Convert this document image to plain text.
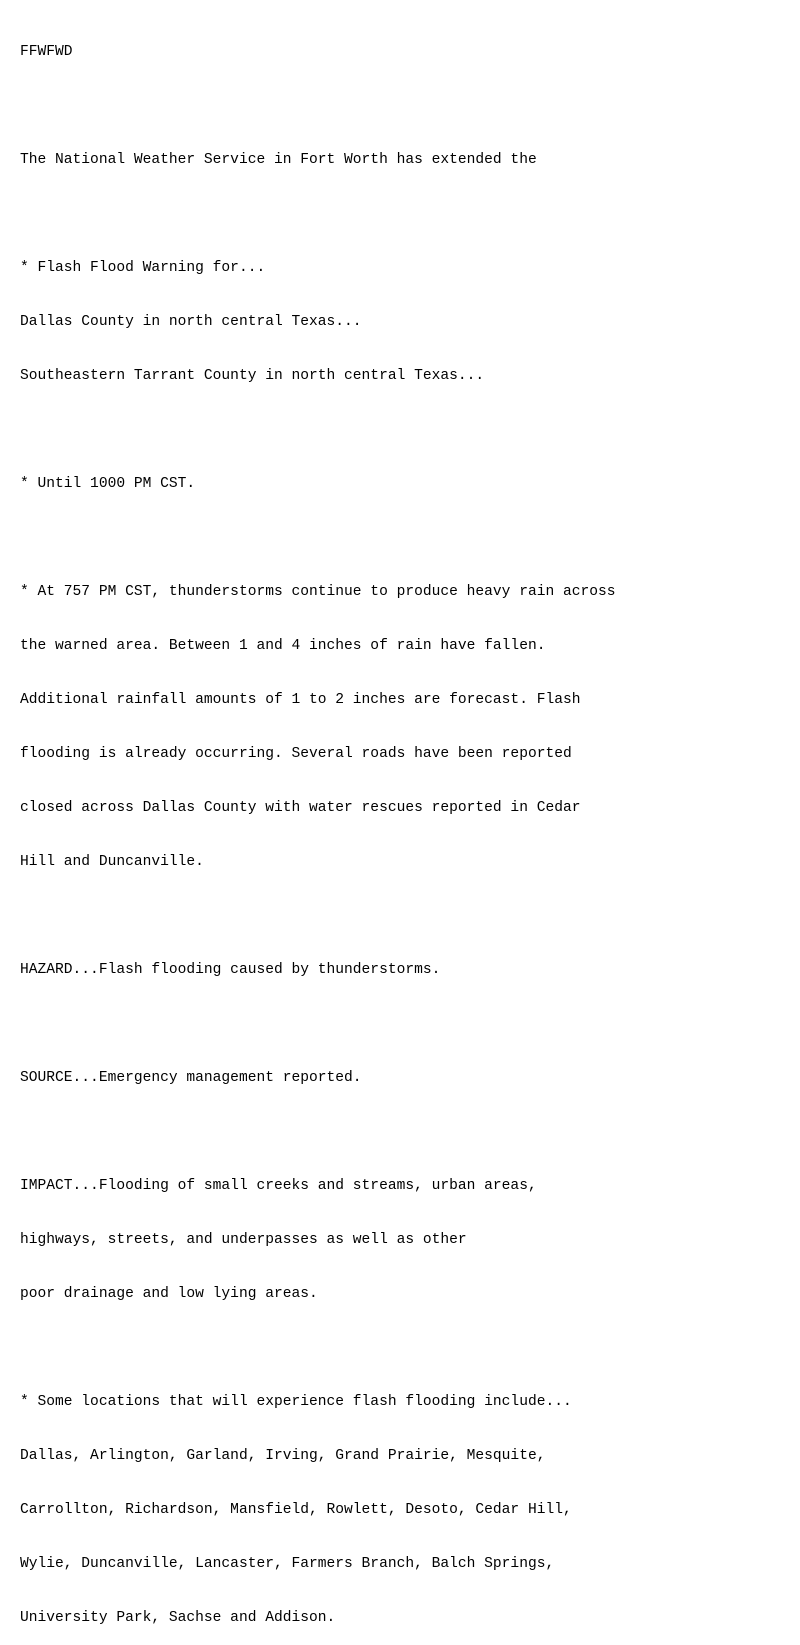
FFWFWD

The National Weather Service in Fort Worth has extended the

* Flash Flood Warning for...

Dallas County in north central Texas...

Southeastern Tarrant County in north central Texas...

* Until 1000 PM CST.

* At 757 PM CST, thunderstorms continue to produce heavy rain across

the warned area. Between 1 and 4 inches of rain have fallen.

Additional rainfall amounts of 1 to 2 inches are forecast. Flash

flooding is already occurring. Several roads have been reported

closed across Dallas County with water rescues reported in Cedar

Hill and Duncanville.

HAZARD...Flash flooding caused by thunderstorms.

SOURCE...Emergency management reported.

IMPACT...Flooding of small creeks and streams, urban areas,

highways, streets, and underpasses as well as other

poor drainage and low lying areas.

* Some locations that will experience flash flooding include...

Dallas, Arlington, Garland, Irving, Grand Prairie, Mesquite,

Carrollton, Richardson, Mansfield, Rowlett, Desoto, Cedar Hill,

Wylie, Duncanville, Lancaster, Farmers Branch, Balch Springs,

University Park, Sachse and Addison.
